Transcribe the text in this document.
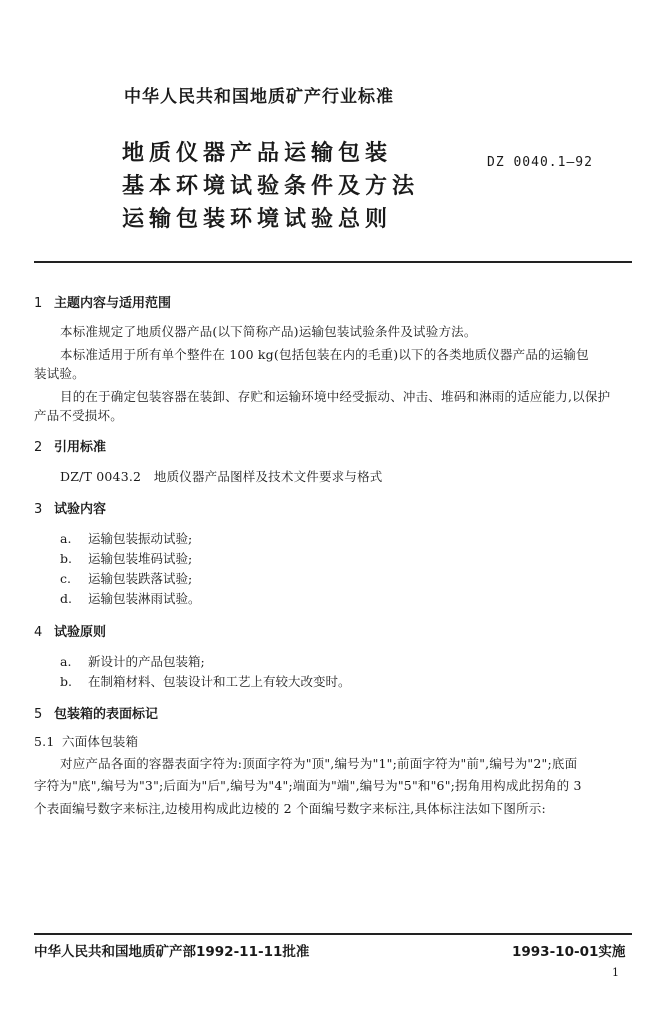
中华人民共和国地质矿产行业标准
地质仪器产品运输包装
基本环境试验条件及方法
运输包装环境试验总则
DZ 0040.1—92
1 主题内容与适用范围
本标准规定了地质仪器产品(以下简称产品)运输包装试验条件及试验方法。
本标准适用于所有单个整件在 100 kg(包括包装在内的毛重)以下的各类地质仪器产品的运输包
装试验。
目的在于确定包装容器在装卸、存贮和运输环境中经受振动、冲击、堆码和淋雨的适应能力,以保护
产品不受损坏。
2 引用标准
DZ/T 0043.2　地质仪器产品图样及技术文件要求与格式
3 试验内容
a. 运输包装振动试验;
b. 运输包装堆码试验;
c. 运输包装跌落试验;
d. 运输包装淋雨试验。
4 试验原则
a. 新设计的产品包装箱;
b. 在制箱材料、包装设计和工艺上有较大改变时。
5 包装箱的表面标记
5.1 六面体包装箱
对应产品各面的容器表面字符为:顶面字符为"顶",编号为"1";前面字符为"前",编号为"2";底面
字符为"底",编号为"3";后面为"后",编号为"4";端面为"端",编号为"5"和"6";拐角用构成此拐角的 3
个表面编号数字来标注,边棱用构成此边棱的 2 个面编号数字来标注,具体标注法如下图所示:
中华人民共和国地质矿产部1992-11-11批准	1993-10-01实施
1
